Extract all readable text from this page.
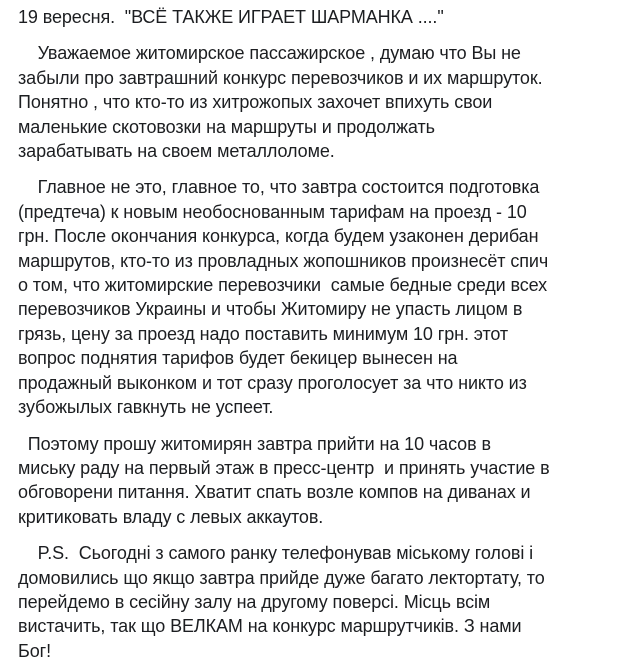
19 вересня.  "ВСЁ ТАКЖЕ ИГРАЕТ ШАРМАНКА ...."
Уважаемое житомирское пассажирское , думаю что Вы не
забыли про завтрашний конкурс перевозчиков и их маршруток.
Понятно , что кто-то из хитрожопых захочет впихуть свои
маленькие скотовозки на маршруты и продолжать
зарабатывать на своем металлоломе.
Главное не это, главное то, что завтра состоится подготовка
(предтеча) к новым необоснованным тарифам на проезд - 10
грн. После окончания конкурса, когда будем узаконен дерибан
маршрутов, кто-то из провладных жопошников произнесёт спич
о том, что житомирские перевозчики  самые бедные среди всех
перевозчиков Украины и чтобы Житомиру не упасть лицом в
грязь, цену за проезд надо поставить минимум 10 грн. этот
вопрос поднятия тарифов будет бекицер вынесен на
продажный выконком и тот сразу проголосует за что никто из
зубожылых гавкнуть не успеет.
Поэтому прошу житомирян завтра прийти на 10 часов в
миську раду на первый этаж в пресс-центр  и принять участие в
обговорени питання. Хватит спать возле компов на диванах и
критиковать владу с левых аккаутов.
P.S.  Сьогодні з самого ранку телефонував міському голові і
домовились що якщо завтра прийде дуже багато лектортату, то
перейдемо в сесійну залу на другому поверсі. Місць всім
вистачить, так що ВЕЛКАМ на конкурс маршрутчиків. З нами
Бог!
